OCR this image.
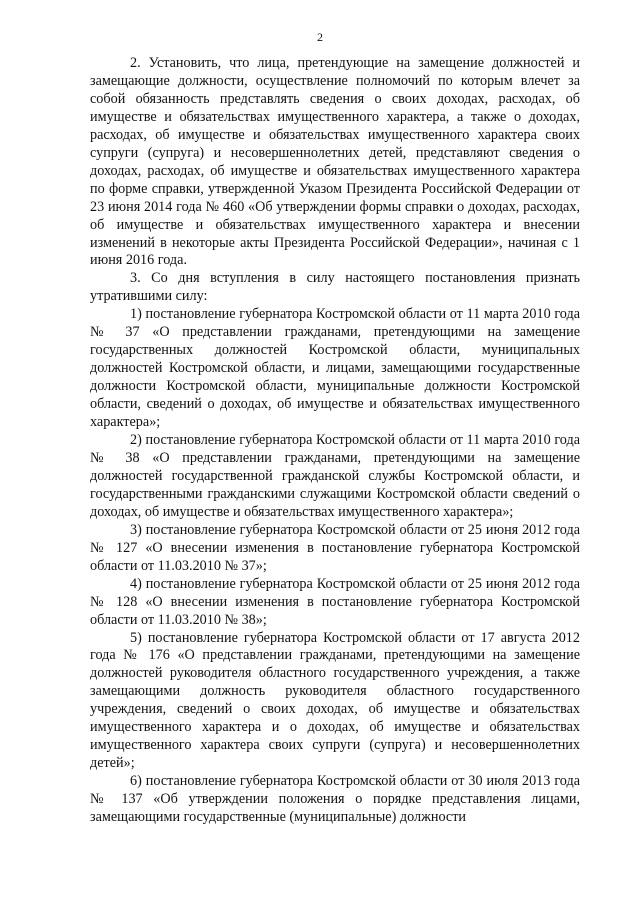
2

2. Установить, что лица, претендующие на замещение должностей и замещающие должности, осуществление полномочий по которым влечет за собой обязанность представлять сведения о своих доходах, расходах, об имуществе и обязательствах имущественного характера, а также о доходах, расходах, об имуществе и обязательствах имущественного характера своих супруги (супруга) и несовершеннолетних детей, представляют сведения о доходах, расходах, об имуществе и обязательствах имущественного характера по форме справки, утвержденной Указом Президента Российской Федерации от 23 июня 2014 года № 460 «Об утверждении формы справки о доходах, расходах, об имуществе и обязательствах имущественного характера и внесении изменений в некоторые акты Президента Российской Федерации», начиная с 1 июня 2016 года.

3. Со дня вступления в силу настоящего постановления признать утратившими силу:

1) постановление губернатора Костромской области от 11 марта 2010 года № 37 «О представлении гражданами, претендующими на замещение государственных должностей Костромской области, муниципальных должностей Костромской области, и лицами, замещающими государственные должности Костромской области, муниципальные должности Костромской области, сведений о доходах, об имуществе и обязательствах имущественного характера»;

2) постановление губернатора Костромской области от 11 марта 2010 года № 38 «О представлении гражданами, претендующими на замещение должностей государственной гражданской службы Костромской области, и государственными гражданскими служащими Костромской области сведений о доходах, об имуществе и обязательствах имущественного характера»;

3) постановление губернатора Костромской области от 25 июня 2012 года № 127 «О внесении изменения в постановление губернатора Костромской области от 11.03.2010 № 37»;

4) постановление губернатора Костромской области от 25 июня 2012 года № 128 «О внесении изменения в постановление губернатора Костромской области от 11.03.2010 № 38»;

5) постановление губернатора Костромской области от 17 августа 2012 года № 176 «О представлении гражданами, претендующими на замещение должностей руководителя областного государственного учреждения, а также замещающими должность руководителя областного государственного учреждения, сведений о своих доходах, об имуществе и обязательствах имущественного характера и о доходах, об имуществе и обязательствах имущественного характера своих супруги (супруга) и несовершеннолетних детей»;

6) постановление губернатора Костромской области от 30 июля 2013 года № 137 «Об утверждении положения о порядке представления лицами, замещающими государственные (муниципальные) должности
